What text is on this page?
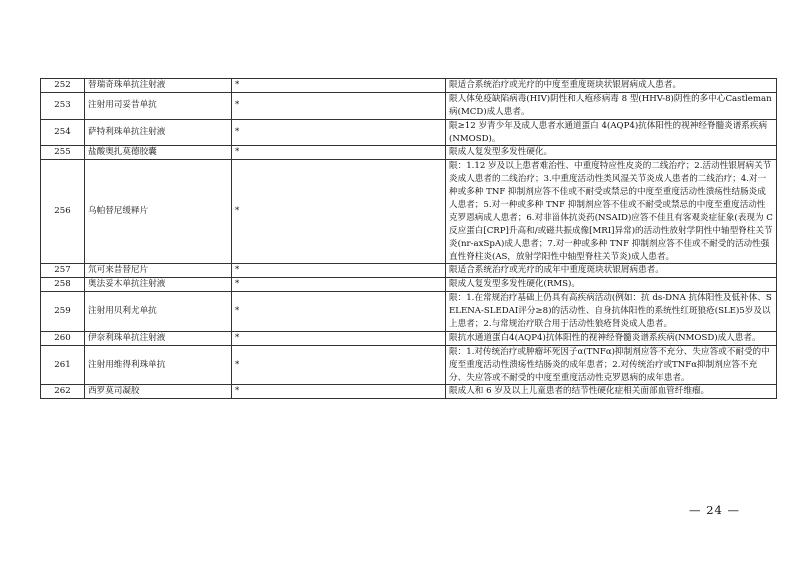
252	替瑞奇珠单抗注射液	*	限适合系统治疗或光疗的中度至重度斑块状银屑病成人患者。
253	注射用司妥昔单抗	*	限人体免疫缺陷病毒(HIV)阴性和人疱疹病毒 8 型(HHV-8)阴性的多中心Castleman病(MCD)成人患者。
254	萨特利珠单抗注射液	*	限≥12 岁青少年及成人患者水通道蛋白 4(AQP4)抗体阳性的视神经脊髓炎谱系疾病(NMOSD)。
255	盐酸奥扎莫德胶囊	*	限成人复发型多发性硬化。
256	乌帕替尼缓释片	*	限：1.12 岁及以上患者难治性、中重度特应性皮炎的二线治疗；2.活动性银屑病关节炎成人患者的二线治疗；3.中重度活动性类风湿关节炎成人患者的二线治疗；4.对一种或多种 TNF 抑制剂应答不佳或不耐受或禁忌的中度至重度活动性溃疡性结肠炎成人患者；5.对一种或多种 TNF 抑制剂应答不佳或不耐受或禁忌的中度至重度活动性克罗恩病成人患者；6.对非甾体抗炎药(NSAID)应答不佳且有客观炎症征象(表现为 C 反应蛋白[CRP]升高和/或磁共振成像[MRI]异常)的活动性放射学阴性中轴型脊柱关节炎(nr-axSpA)成人患者；7.对一种或多种 TNF 抑制剂应答不佳或不耐受的活动性强直性脊柱炎(AS，放射学阳性中轴型脊柱关节炎)成人患者。
257	氘可来昔替尼片	*	限适合系统治疗或光疗的成年中重度斑块状银屑病患者。
258	奥法妥木单抗注射液	*	限成人复发型多发性硬化(RMS)。
259	注射用贝利尤单抗	*	限：1.在常规治疗基础上仍具有高疾病活动(例如：抗 ds-DNA 抗体阳性及低补体、SELENA-SLEDAI评分≥8)的活动性、自身抗体阳性的系统性红斑狼疮(SLE)5岁及以上患者；2.与常规治疗联合用于活动性狼疮肾炎成人患者。
260	伊奈利珠单抗注射液	*	限抗水通道蛋白4(AQP4)抗体阳性的视神经脊髓炎谱系疾病(NMOSD)成人患者。
261	注射用维得利珠单抗	*	限：1.对传统治疗或肿瘤坏死因子α(TNFα)抑制剂应答不充分、失应答或不耐受的中度至重度活动性溃疡性结肠炎的成年患者；2.对传统治疗或TNFα抑制剂应答不充分、失应答或不耐受的中度至重度活动性克罗恩病的成年患者。
262	西罗莫司凝胶	*	限成人和 6 岁及以上儿童患者的结节性硬化症相关面部血管纤维瘤。
— 24 —
